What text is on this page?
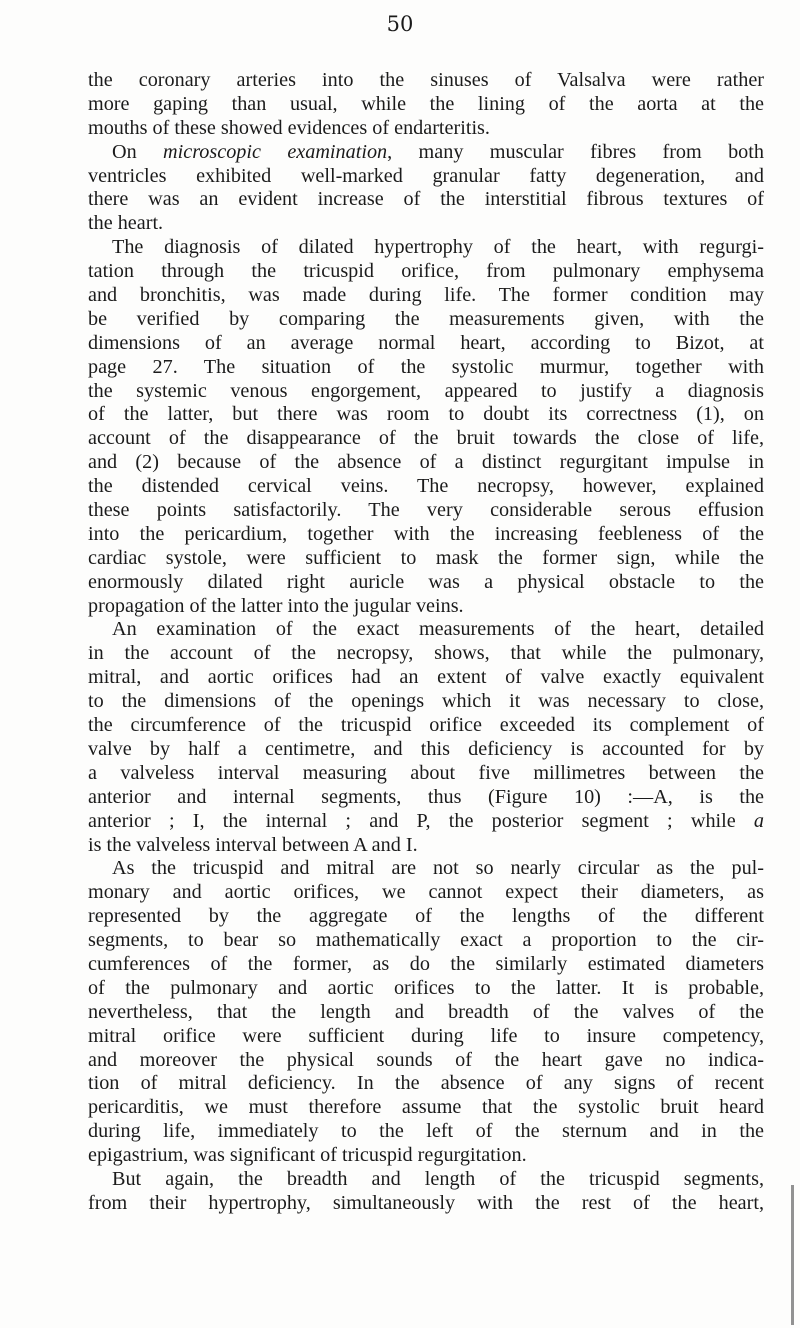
50
the coronary arteries into the sinuses of Valsalva were rather
more gaping than usual, while the lining of the aorta at the
mouths of these showed evidences of endarteritis.
On microscopic examination, many muscular fibres from both
ventricles exhibited well-marked granular fatty degeneration, and
there was an evident increase of the interstitial fibrous textures of
the heart.
The diagnosis of dilated hypertrophy of the heart, with regurgi-
tation through the tricuspid orifice, from pulmonary emphysema
and bronchitis, was made during life. The former condition may
be verified by comparing the measurements given, with the
dimensions of an average normal heart, according to Bizot, at
page 27. The situation of the systolic murmur, together with
the systemic venous engorgement, appeared to justify a diagnosis
of the latter, but there was room to doubt its correctness (1), on
account of the disappearance of the bruit towards the close of life,
and (2) because of the absence of a distinct regurgitant impulse in
the distended cervical veins. The necropsy, however, explained
these points satisfactorily. The very considerable serous effusion
into the pericardium, together with the increasing feebleness of the
cardiac systole, were sufficient to mask the former sign, while the
enormously dilated right auricle was a physical obstacle to the
propagation of the latter into the jugular veins.
An examination of the exact measurements of the heart, detailed
in the account of the necropsy, shows, that while the pulmonary,
mitral, and aortic orifices had an extent of valve exactly equivalent
to the dimensions of the openings which it was necessary to close,
the circumference of the tricuspid orifice exceeded its complement of
valve by half a centimetre, and this deficiency is accounted for by
a valveless interval measuring about five millimetres between the
anterior and internal segments, thus (Figure 10) :—A, is the
anterior ; I, the internal ; and P, the posterior segment ; while a
is the valveless interval between A and I.
As the tricuspid and mitral are not so nearly circular as the pul-
monary and aortic orifices, we cannot expect their diameters, as
represented by the aggregate of the lengths of the different
segments, to bear so mathematically exact a proportion to the cir-
cumferences of the former, as do the similarly estimated diameters
of the pulmonary and aortic orifices to the latter. It is probable,
nevertheless, that the length and breadth of the valves of the
mitral orifice were sufficient during life to insure competency,
and moreover the physical sounds of the heart gave no indica-
tion of mitral deficiency. In the absence of any signs of recent
pericarditis, we must therefore assume that the systolic bruit heard
during life, immediately to the left of the sternum and in the
epigastrium, was significant of tricuspid regurgitation.
But again, the breadth and length of the tricuspid segments,
from their hypertrophy, simultaneously with the rest of the heart,
